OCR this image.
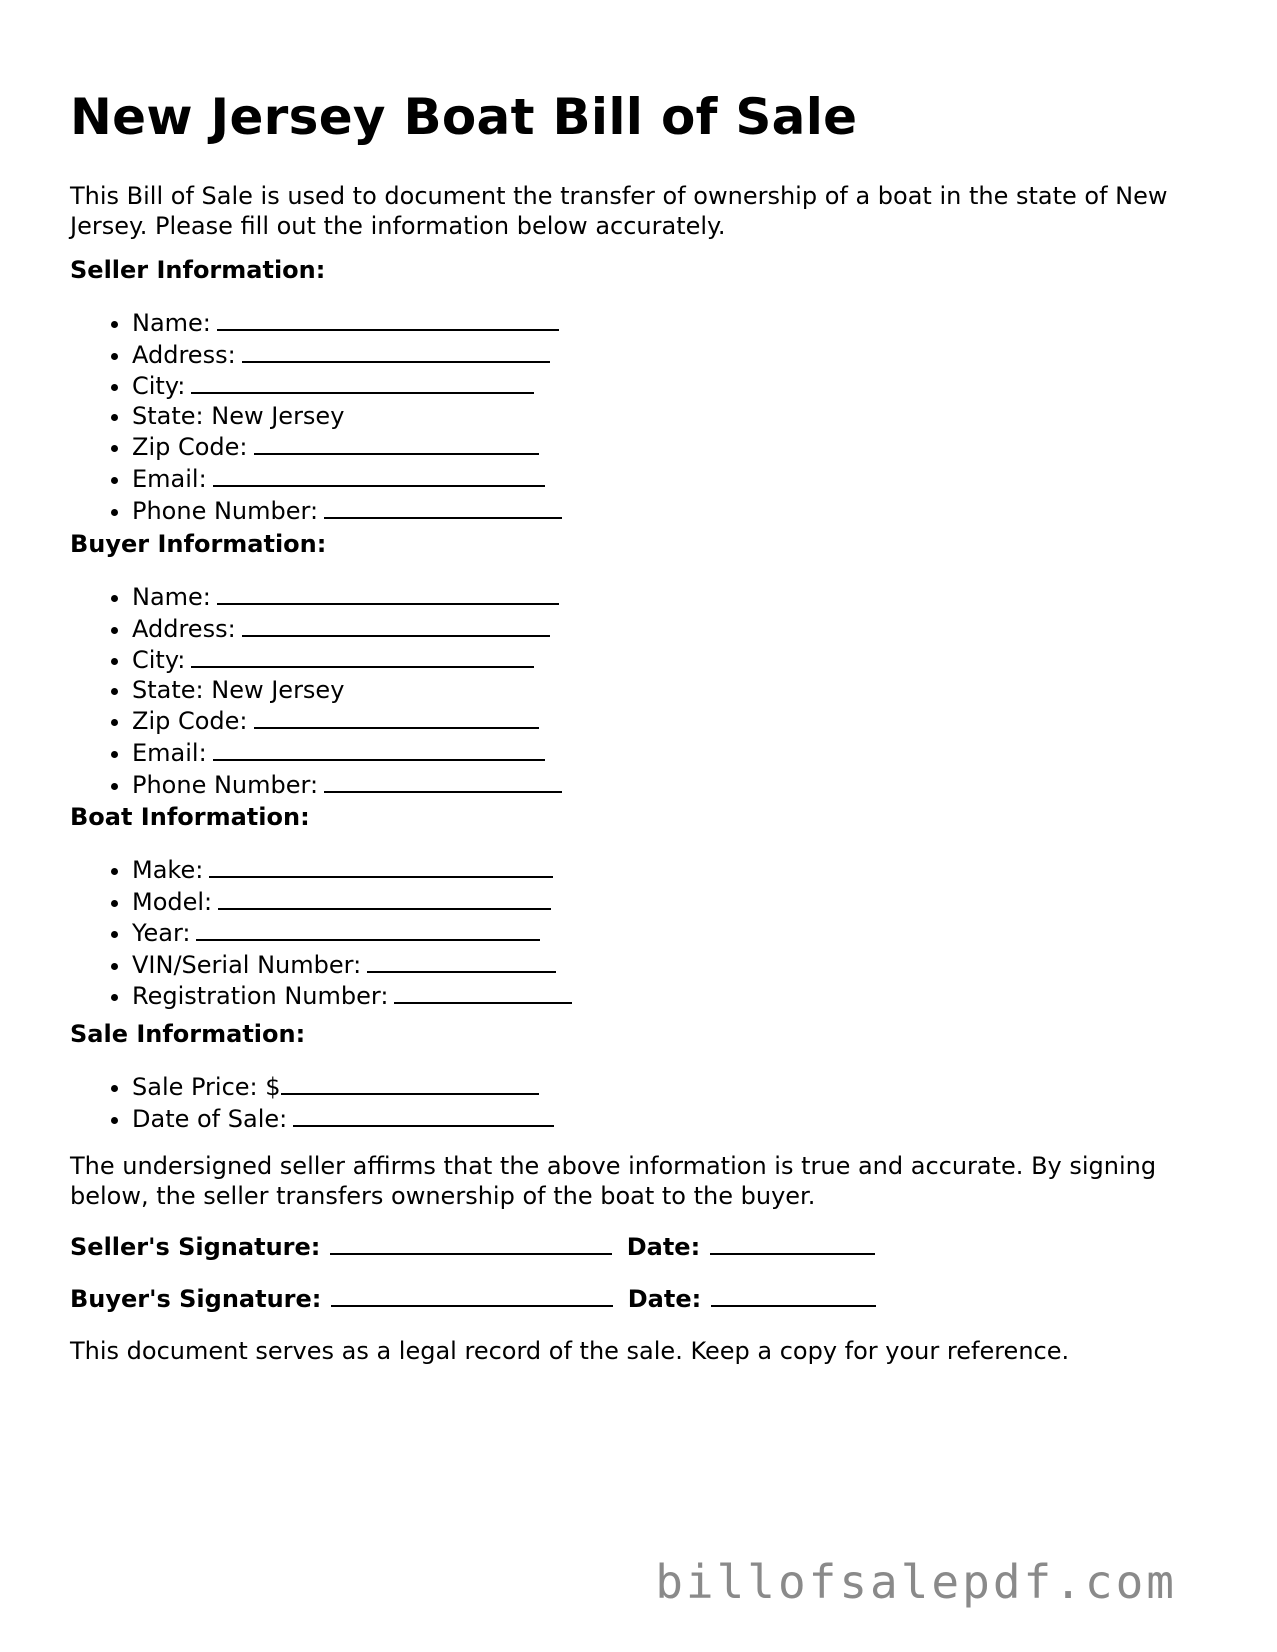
New Jersey Boat Bill of Sale

This Bill of Sale is used to document the transfer of ownership of a boat in the state of New Jersey. Please fill out the information below accurately.

Seller Information:

• Name:
• Address:
• City:
• State: New Jersey
• Zip Code:
• Email:
• Phone Number:

Buyer Information:

• Name:
• Address:
• City:
• State: New Jersey
• Zip Code:
• Email:
• Phone Number:

Boat Information:

• Make:
• Model:
• Year:
• VIN/Serial Number:
• Registration Number:

Sale Information:

• Sale Price: $
• Date of Sale:

The undersigned seller affirms that the above information is true and accurate. By signing below, the seller transfers ownership of the boat to the buyer.

Seller's Signature:	Date:

Buyer's Signature:	Date:

This document serves as a legal record of the sale. Keep a copy for your reference.

billofsalepdf.com
